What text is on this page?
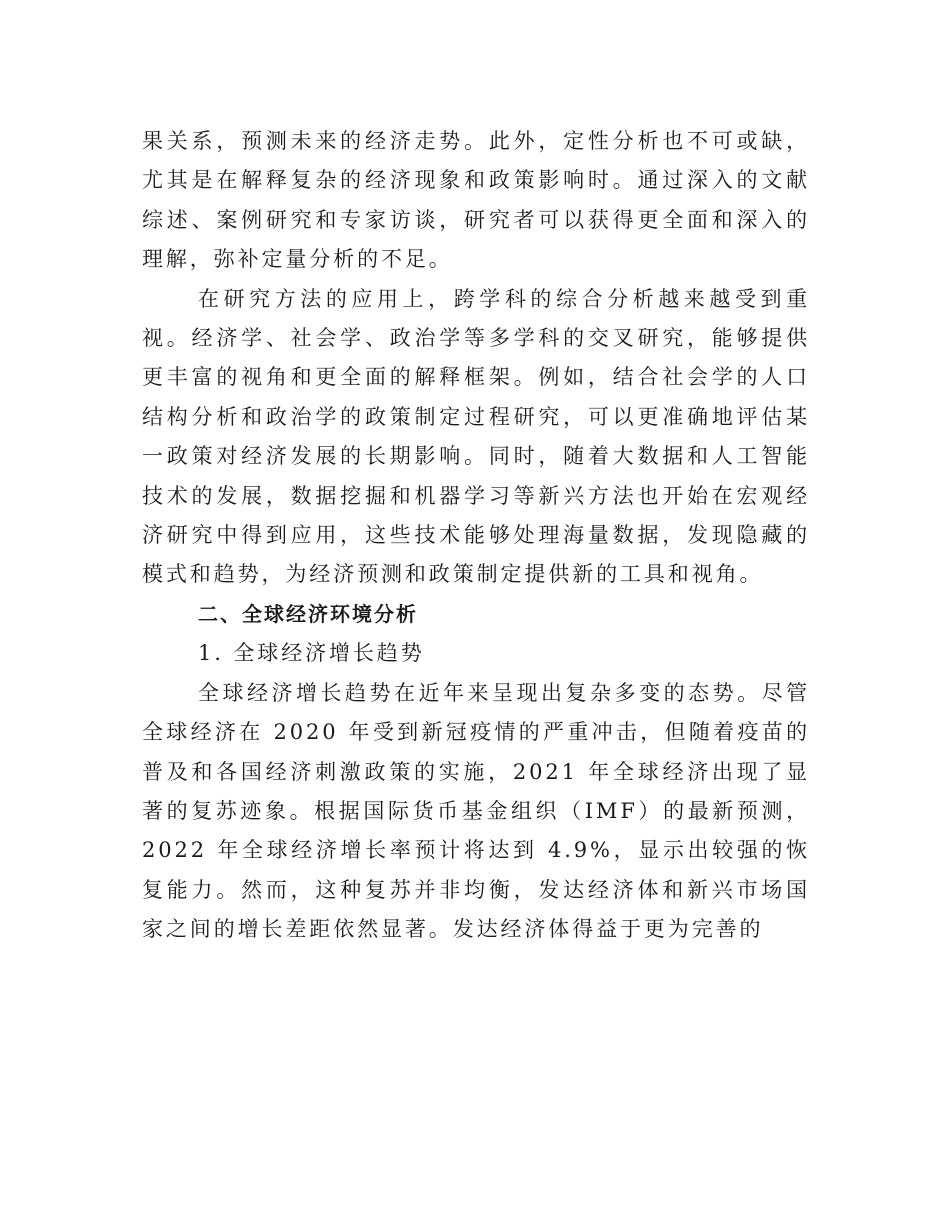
果关系，预测未来的经济走势。此外，定性分析也不可或缺，尤其是在解释复杂的经济现象和政策影响时。通过深入的文献综述、案例研究和专家访谈，研究者可以获得更全面和深入的理解，弥补定量分析的不足。

在研究方法的应用上，跨学科的综合分析越来越受到重视。经济学、社会学、政治学等多学科的交叉研究，能够提供更丰富的视角和更全面的解释框架。例如，结合社会学的人口结构分析和政治学的政策制定过程研究，可以更准确地评估某一政策对经济发展的长期影响。同时，随着大数据和人工智能技术的发展，数据挖掘和机器学习等新兴方法也开始在宏观经济研究中得到应用，这些技术能够处理海量数据，发现隐藏的模式和趋势，为经济预测和政策制定提供新的工具和视角。

二、全球经济环境分析

1. 全球经济增长趋势

全球经济增长趋势在近年来呈现出复杂多变的态势。尽管全球经济在 2020 年受到新冠疫情的严重冲击，但随着疫苗的普及和各国经济刺激政策的实施，2021 年全球经济出现了显著的复苏迹象。根据国际货币基金组织（IMF）的最新预测，2022 年全球经济增长率预计将达到 4.9%，显示出较强的恢复能力。然而，这种复苏并非均衡，发达经济体和新兴市场国家之间的增长差距依然显著。发达经济体得益于更为完善的
